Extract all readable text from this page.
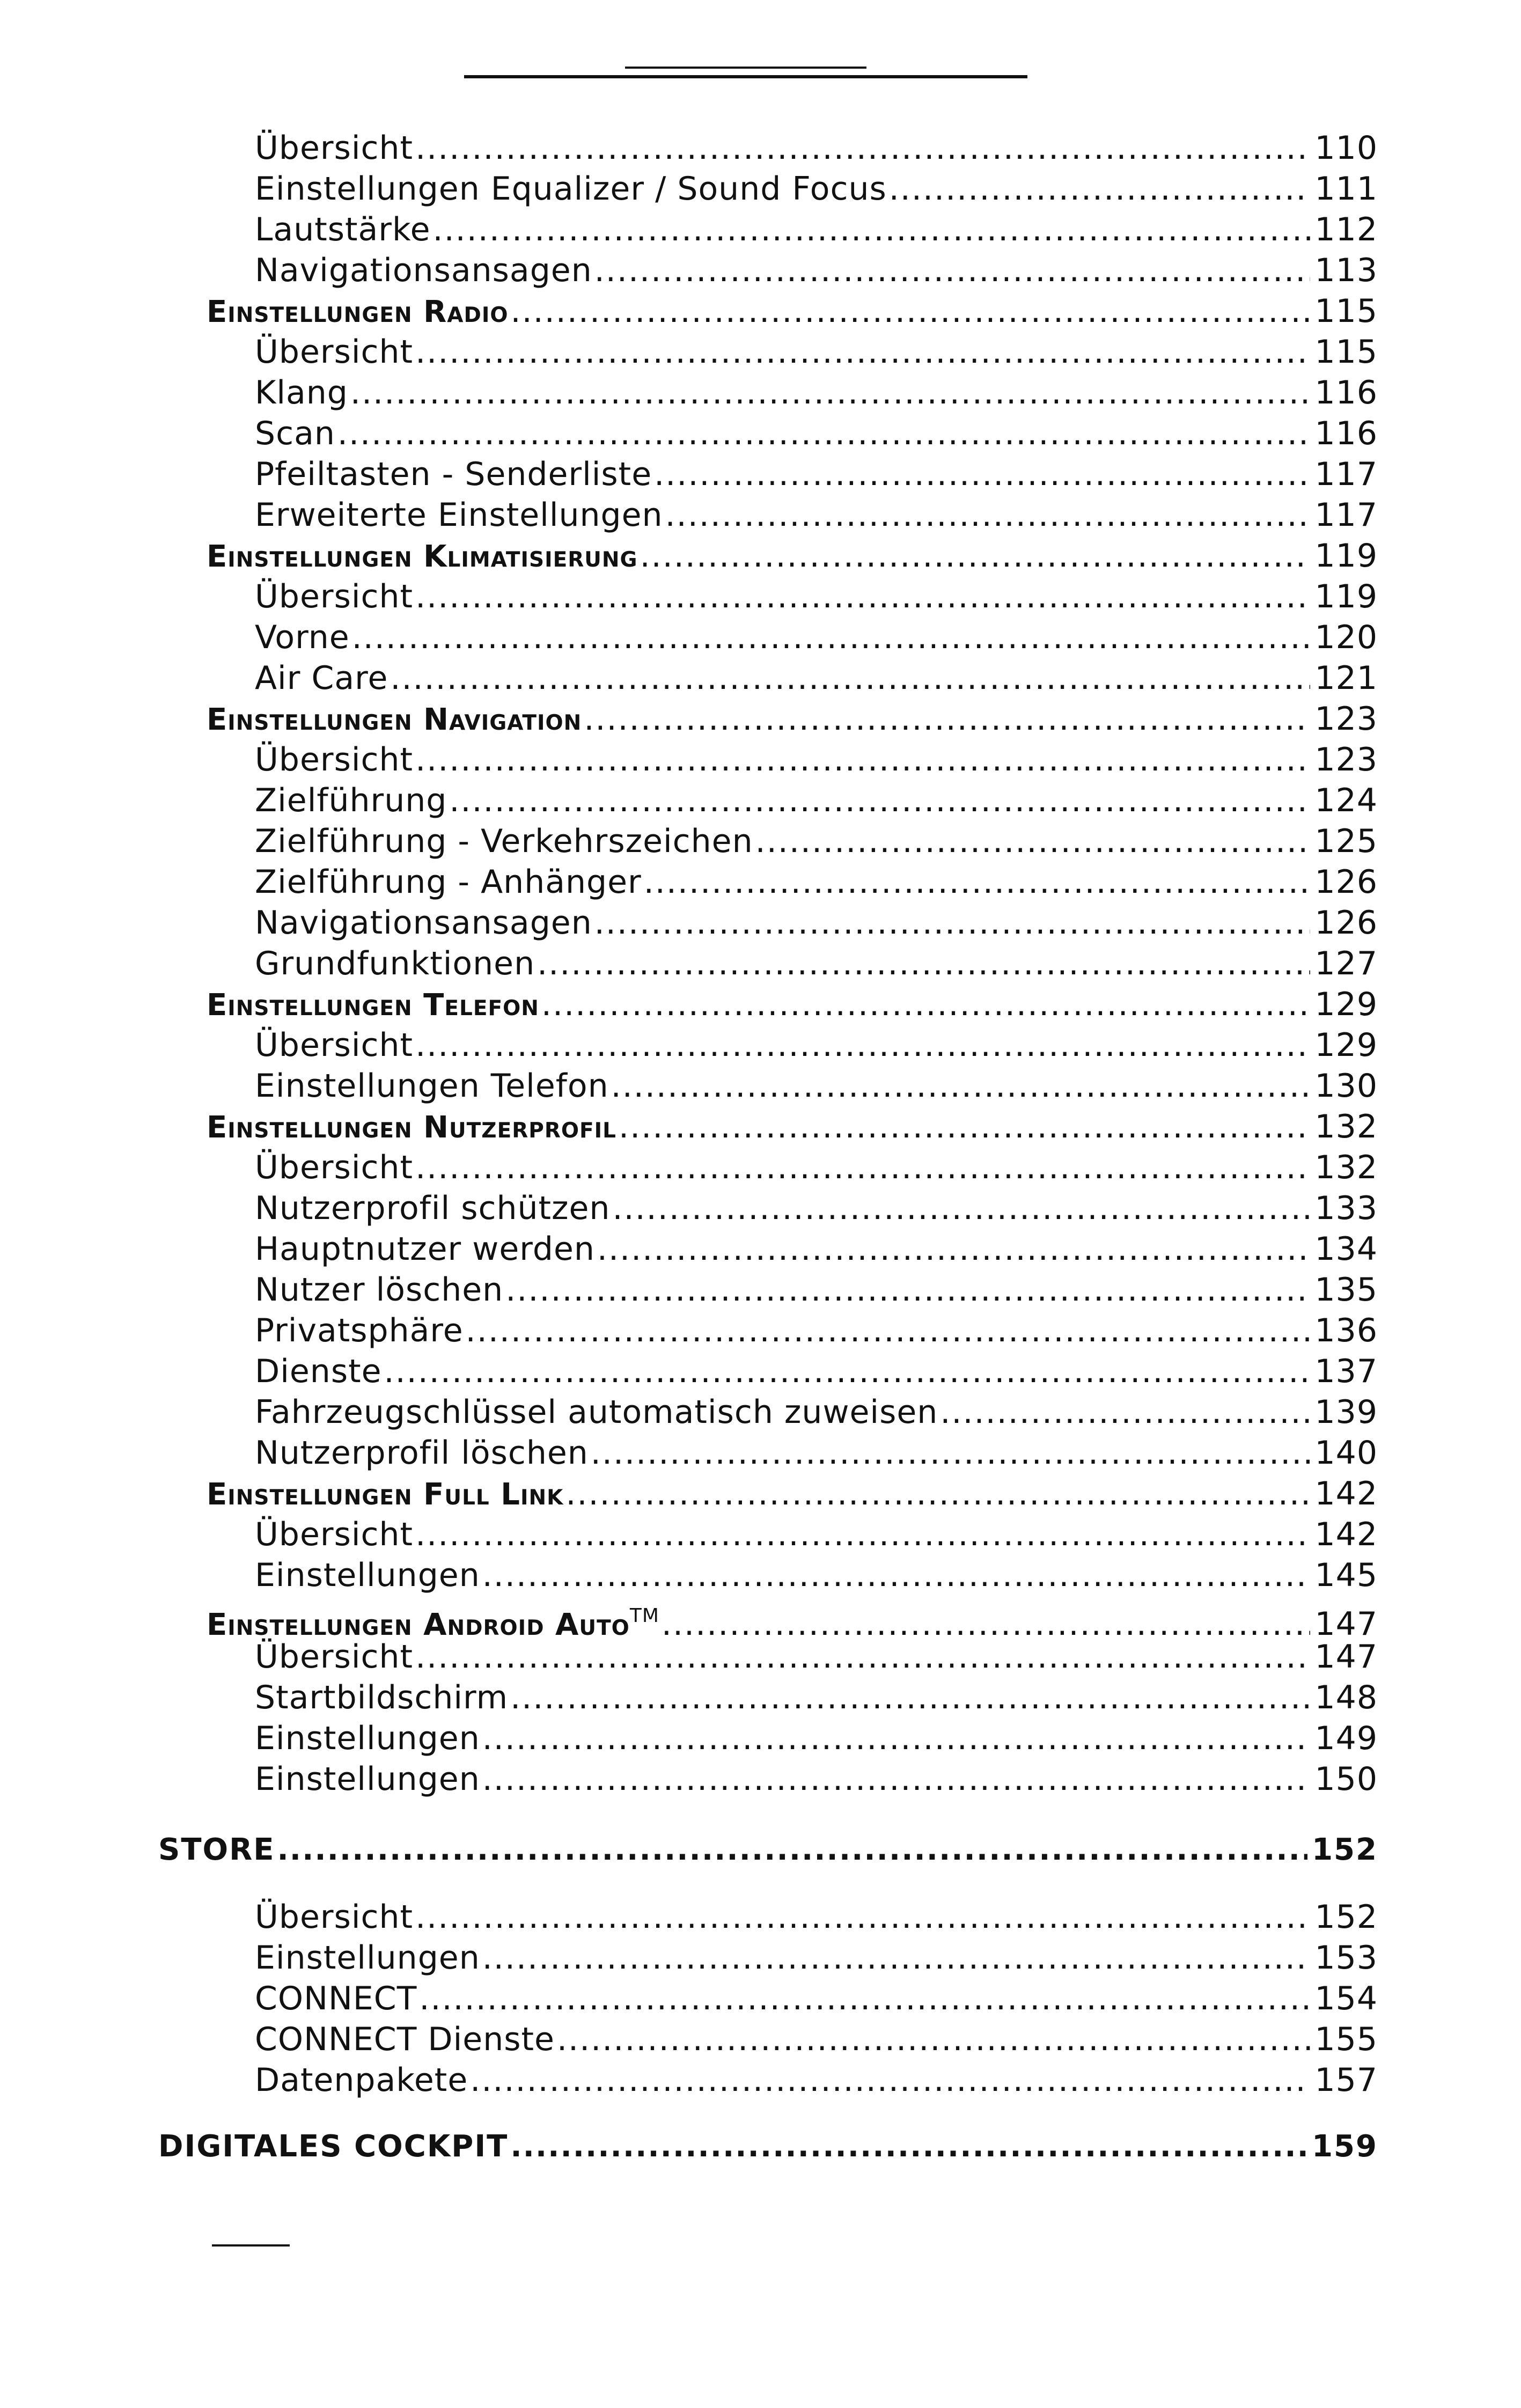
Übersicht .....	110
Einstellungen Equalizer / Sound Focus .....	111
Lautstärke .....	112
Navigationsansagen .....	113
Einstellungen Radio .....	115
Übersicht .....	115
Klang .....	116
Scan .....	116
Pfeiltasten - Senderliste .....	117
Erweiterte Einstellungen .....	117
Einstellungen Klimatisierung .....	119
Übersicht .....	119
Vorne .....	120
Air Care .....	121
Einstellungen Navigation .....	123
Übersicht .....	123
Zielführung .....	124
Zielführung - Verkehrszeichen .....	125
Zielführung - Anhänger .....	126
Navigationsansagen .....	126
Grundfunktionen .....	127
Einstellungen Telefon .....	129
Übersicht .....	129
Einstellungen Telefon .....	130
Einstellungen Nutzerprofil .....	132
Übersicht .....	132
Nutzerprofil schützen .....	133
Hauptnutzer werden .....	134
Nutzer löschen .....	135
Privatsphäre .....	136
Dienste .....	137
Fahrzeugschlüssel automatisch zuweisen .....	139
Nutzerprofil löschen .....	140
Einstellungen Full Link .....	142
Übersicht .....	142
Einstellungen .....	145
Einstellungen Android Auto™ .....	147
Übersicht .....	147
Startbildschirm .....	148
Einstellungen .....	149
Einstellungen .....	150
STORE .....	152
Übersicht .....	152
Einstellungen .....	153
CONNECT .....	154
CONNECT Dienste .....	155
Datenpakete .....	157
DIGITALES COCKPIT .....	159
